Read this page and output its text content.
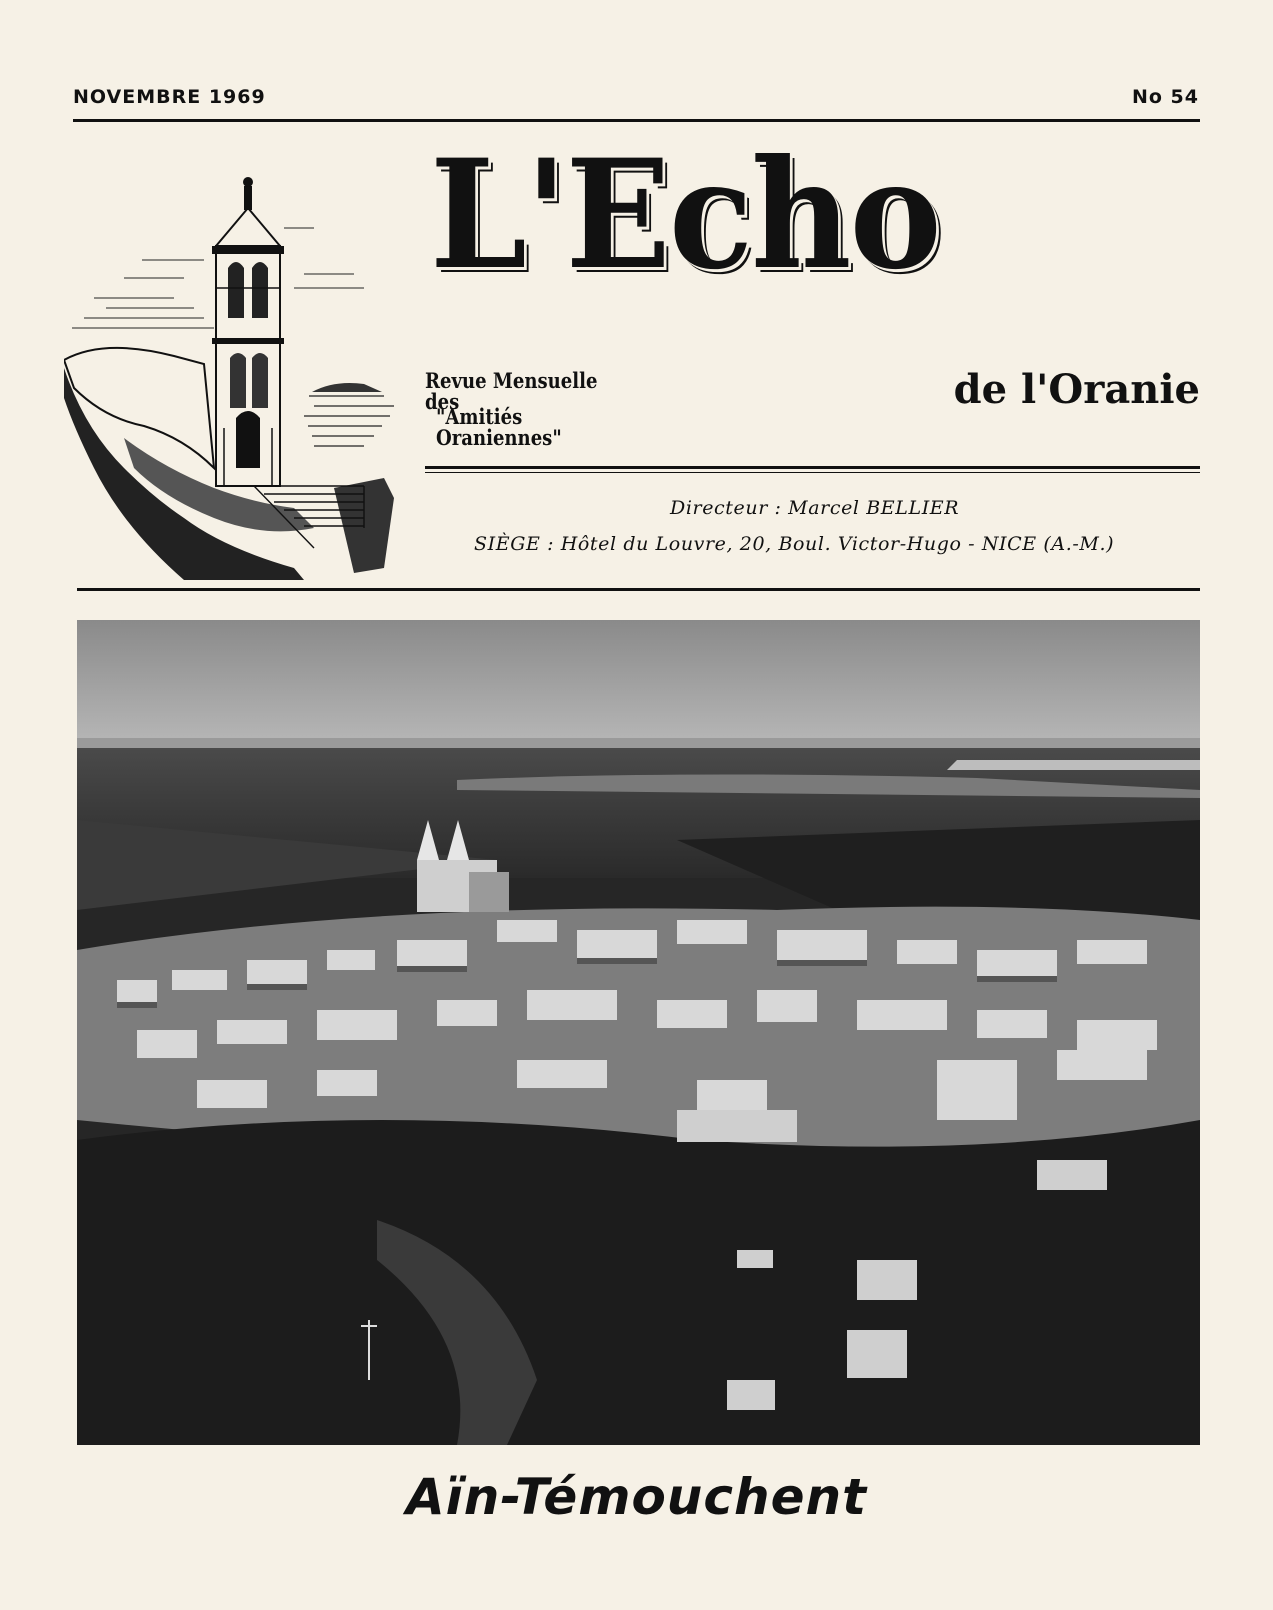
NOVEMBRE 1969	No 54
L'Echo
Revue Mensuelle des
"Amitiés Oraniennes"
de l'Oranie
Directeur : Marcel BELLIER
SIÈGE : Hôtel du Louvre, 20, Boul. Victor-Hugo - NICE (A.-M.)
Aïn-Témouchent
